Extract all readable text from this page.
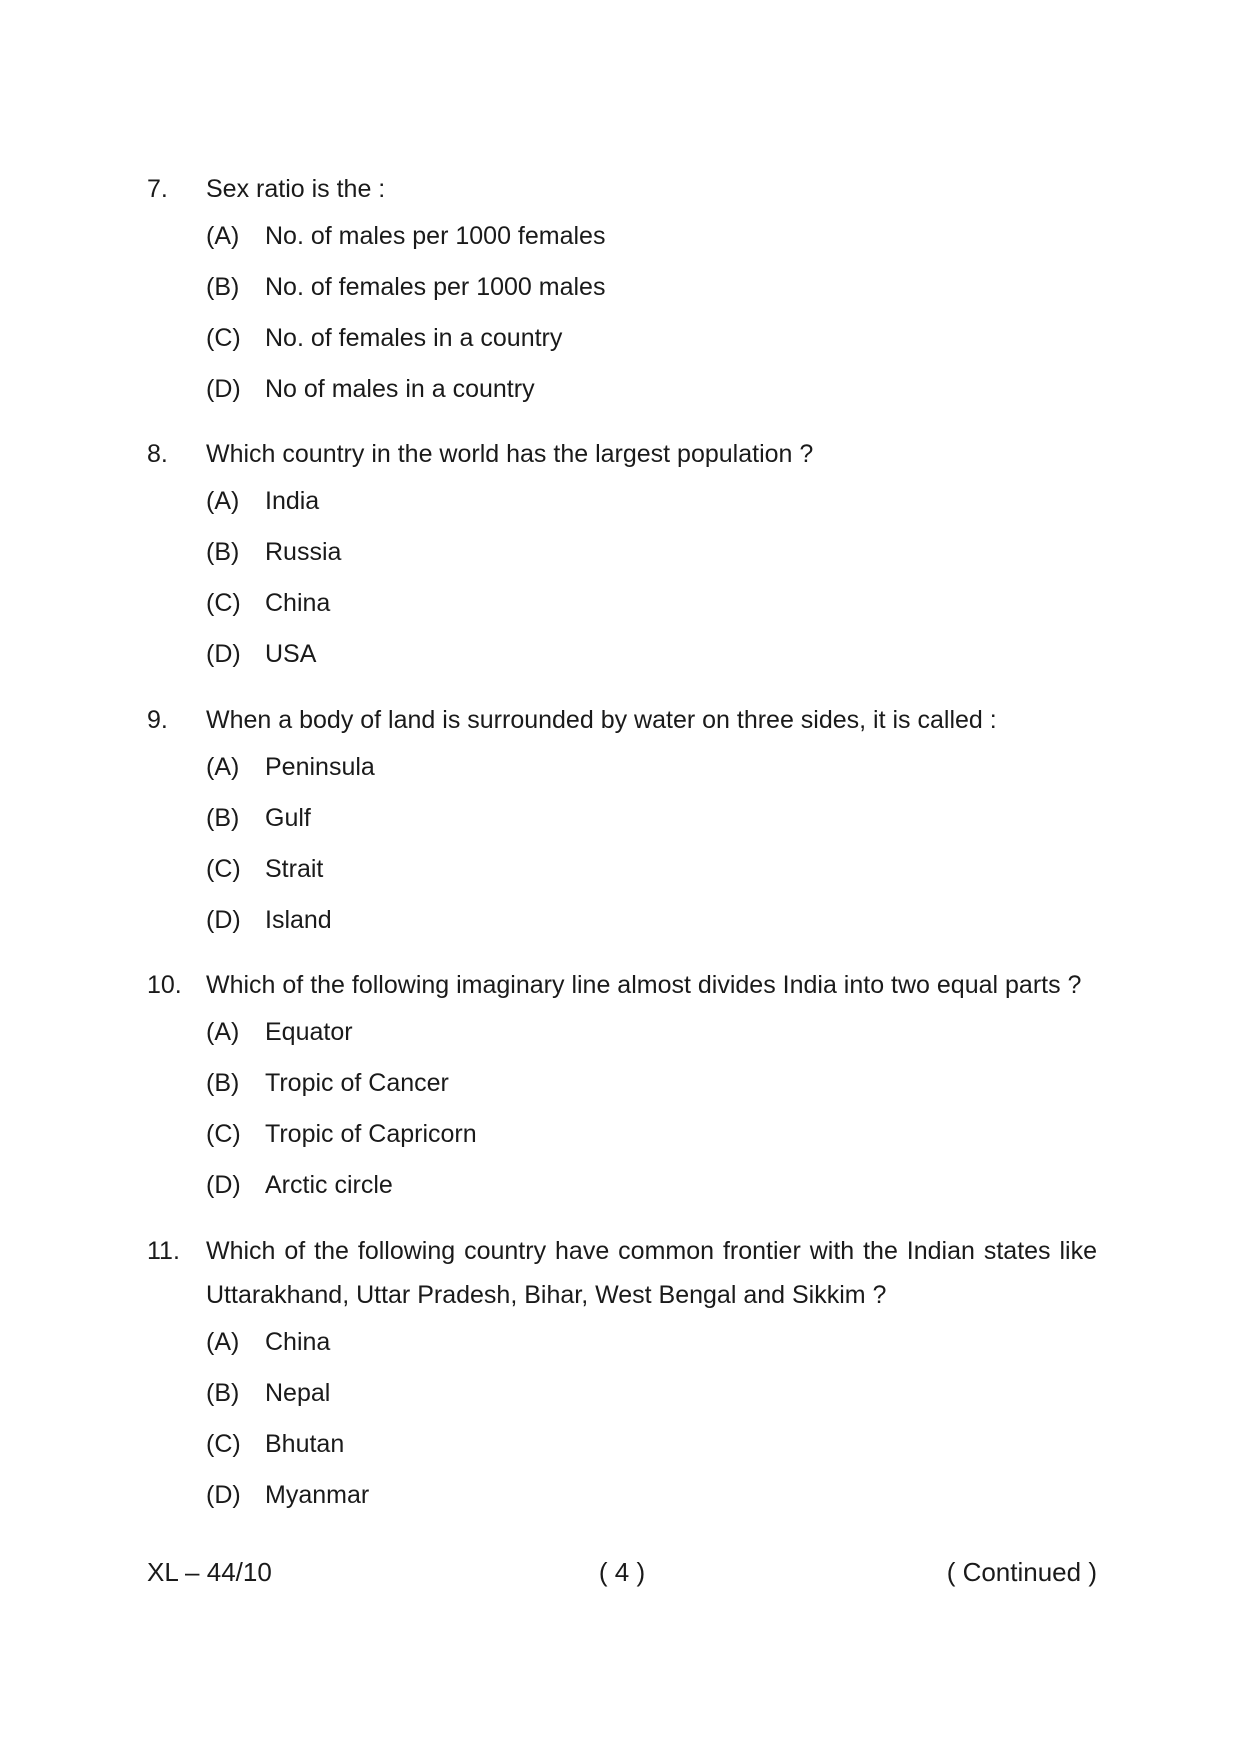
7.	Sex ratio is the :
(A)	No. of males per 1000 females
(B)	No. of females per 1000 males
(C) No. of females in a country
(D) No of males in a country
8.	Which country in the world has the largest population ?
(A)	India
(B)	Russia
(C) China
(D) USA
9.	When a body of land is surrounded by water on three sides, it is called :
(A)	Peninsula
(B)	Gulf
(C) Strait
(D) Island
10. Which of the following imaginary line almost divides India into two equal parts ?
(A)	Equator
(B)	Tropic of Cancer
(C) Tropic of Capricorn
(D) Arctic circle
11.	Which of the following country have common frontier with the Indian states like Uttarakhand, Uttar Pradesh, Bihar, West Bengal and Sikkim ?
(A)	China
(B)	Nepal
(C) Bhutan
(D) Myanmar
XL – 44/10	( 4 )	( Continued )
